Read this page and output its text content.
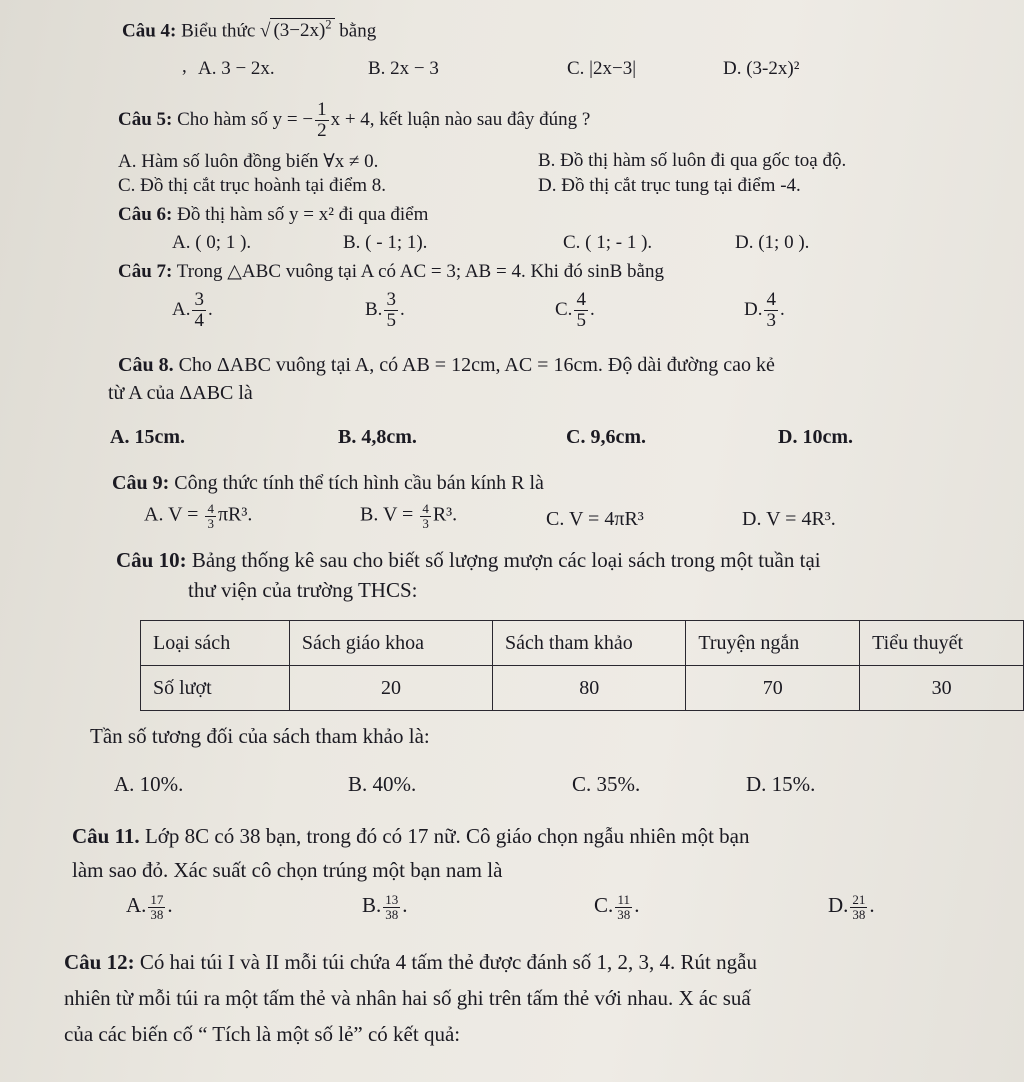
Câu 4: Biểu thức √ $(3-2x)^2$ bằng
, A. 3 − 2x.	B. 2x − 3	C. |2x−3|	D. (3-2x)²
Câu 5: Cho hàm số y = − $\frac{1}{2}$ x + 4, kết luận nào sau đây đúng ?
A. Hàm số luôn đồng biến ∀x ≠ 0.	B. Đồ thị hàm số luôn đi qua gốc toạ độ.
C. Đồ thị cắt trục hoành tại điểm 8.	D. Đồ thị cắt trục tung tại điểm -4.
Câu 6: Đồ thị hàm số y = x² đi qua điểm
A. ( 0; 1 ).	B. ( - 1; 1).	C. ( 1; - 1 ).	D. (1; 0 ).
Câu 7: Trong △ABC vuông tại A có AC = 3; AB = 4. Khi đó sinB bằng
A. $\frac{3}{4}$ .	B. $\frac{3}{5}$ .	C. $\frac{4}{5}$ .	D. $\frac{4}{3}$ .
Câu 8. Cho ΔABC vuông tại A, có AB = 12cm, AC = 16cm. Độ dài đường cao kẻ
từ A của ΔABC là
A. 15cm.	B. 4,8cm.	C. 9,6cm.	D. 10cm.
Câu 9: Công thức tính thể tích hình cầu bán kính R là
A. $V = \frac{4}{3} \pi R^3$.	B. $V = \frac{4}{3} R^3$.	C. V = 4πR³	D. V = 4R³.
Câu 10: Bảng thống kê sau cho biết số lượng mượn các loại sách trong một tuần tại
thư viện của trường THCS:
Loại sách	Sách giáo khoa	Sách tham khảo	Truyện ngắn	Tiểu thuyết
Số lượt	20	80	70	30
Tần số tương đối của sách tham khảo là:
A. 10%.	B. 40%.	C. 35%.	D. 15%.
Câu 11. Lớp 8C có 38 bạn, trong đó có 17 nữ. Cô giáo chọn ngẫu nhiên một bạn
làm sao đỏ. Xác suất cô chọn trúng một bạn nam là
A. $\frac{17}{38}$ .	B. $\frac{13}{38}$ .	C. $\frac{11}{38}$ .	D. $\frac{21}{38}$ .
Câu 12: Có hai túi I và II mỗi túi chứa 4 tấm thẻ được đánh số 1, 2, 3, 4. Rút ngẫu
nhiên từ mỗi túi ra một tấm thẻ và nhân hai số ghi trên tấm thẻ với nhau. X ác suấ
của các biến cố “ Tích là một số lẻ” có kết quả:
